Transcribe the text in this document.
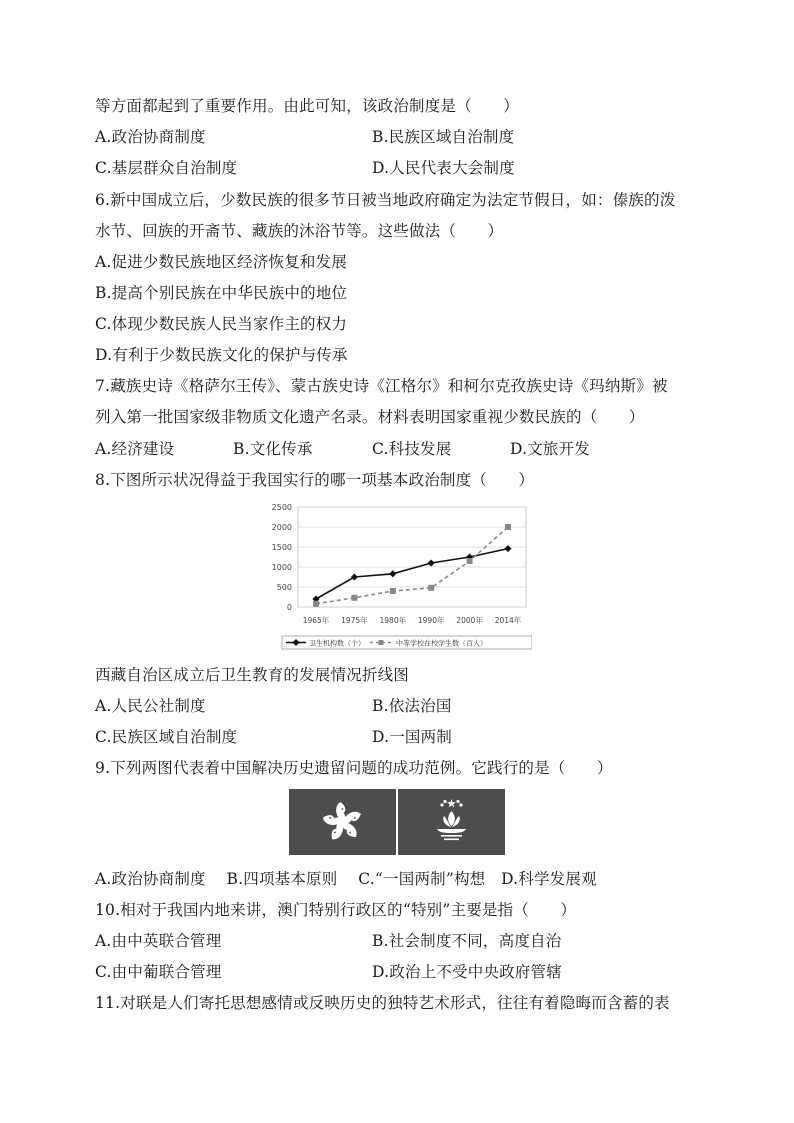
等方面都起到了重要作用。由此可知，该政治制度是（　　）
A.政治协商制度	B.民族区域自治制度
C.基层群众自治制度	D.人民代表大会制度
6.新中国成立后，少数民族的很多节日被当地政府确定为法定节假日，如：傣族的泼
水节、回族的开斋节、藏族的沐浴节等。这些做法（　　）
A.促进少数民族地区经济恢复和发展
B.提高个别民族在中华民族中的地位
C.体现少数民族人民当家作主的权力
D.有利于少数民族文化的保护与传承
7.藏族史诗《格萨尔王传》、蒙古族史诗《江格尔》和柯尔克孜族史诗《玛纳斯》被
列入第一批国家级非物质文化遗产名录。材料表明国家重视少数民族的（　　）
A.经济建设	B.文化传承	C.科技发展	D.文旅开发
8.下图所示状况得益于我国实行的哪一项基本政治制度（　　）
0
500
1000
1500
2000
2500
1965年 1975年 1980年 1990年 2000年 2014年
卫生机构数（个）	中等学校在校学生数（百人）
西藏自治区成立后卫生教育的发展情况折线图
A.人民公社制度	B.依法治国
C.民族区域自治制度	D.一国两制
9.下列两图代表着中国解决历史遗留问题的成功范例。它践行的是（　　）
A.政治协商制度　 B.四项基本原则　 C.“一国两制”构想　D.科学发展观
10.相对于我国内地来讲，澳门特别行政区的“特别”主要是指（　　）
A.由中英联合管理	B.社会制度不同，高度自治
C.由中葡联合管理	D.政治上不受中央政府管辖
11.对联是人们寄托思想感情或反映历史的独特艺术形式，往往有着隐晦而含蓄的表
